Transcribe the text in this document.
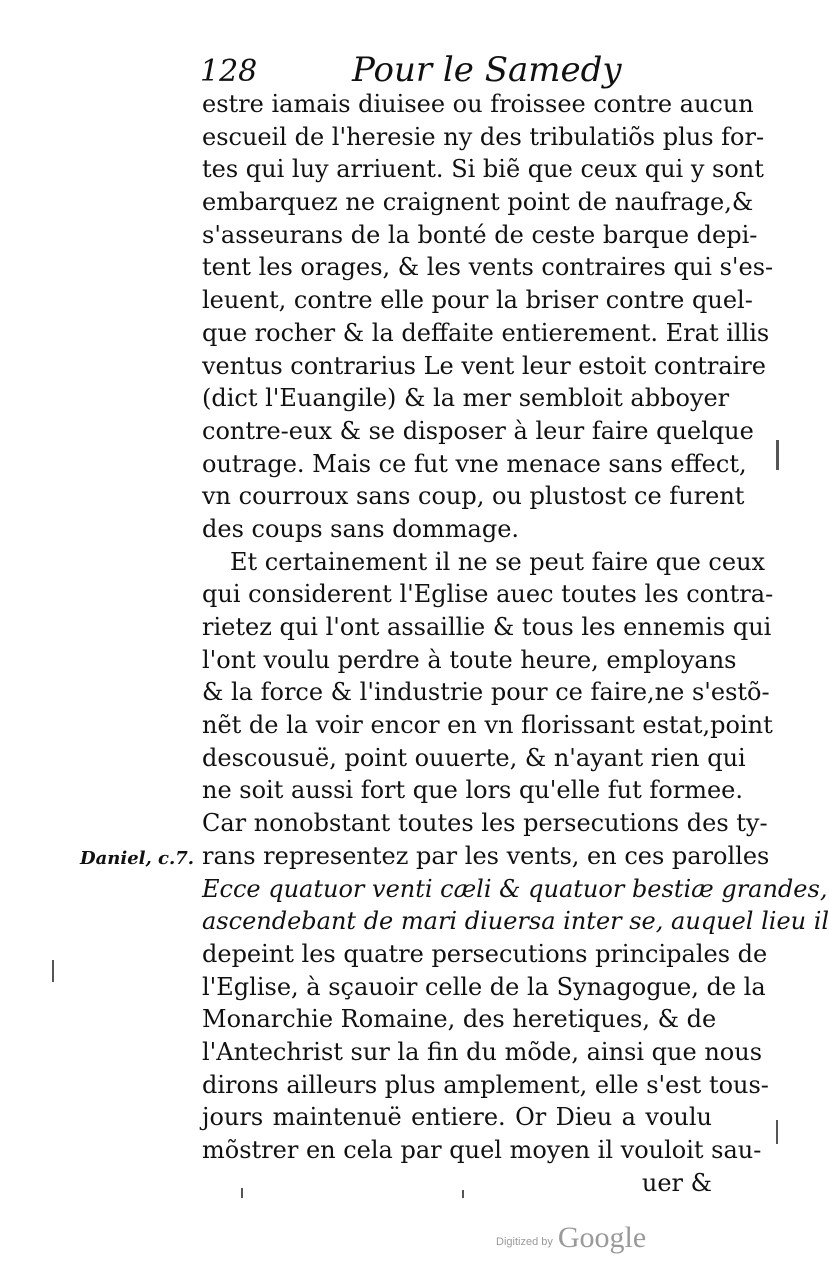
128	Pour le Samedy
Daniel, c.7.
estre iamais diuisee ou froissee contre aucun
escueil de l'heresie ny des tribulatiõs plus for-
tes qui luy arriuent. Si biẽ que ceux qui y sont
embarquez ne craignent point de naufrage,&
s'asseurans de la bonté de ceste barque depi-
tent les orages, & les vents contraires qui s'es-
leuent, contre elle pour la briser contre quel-
que rocher & la deffaite entierement. Erat illis
ventus contrarius Le vent leur estoit contraire
(dict l'Euangile) & la mer sembloit abboyer
contre-eux & se disposer à leur faire quelque
outrage. Mais ce fut vne menace sans effect,
vn courroux sans coup, ou plustost ce furent
des coups sans dommage.
Et certainement il ne se peut faire que ceux
qui considerent l'Eglise auec toutes les contra-
rietez qui l'ont assaillie & tous les ennemis qui
l'ont voulu perdre à toute heure, employans
& la force & l'industrie pour ce faire,ne s'estõ-
nẽt de la voir encor en vn florissant estat,point
descousuë, point ouuerte, & n'ayant rien qui
ne soit aussi fort que lors qu'elle fut formee.
Car nonobstant toutes les persecutions des ty-
rans representez par les vents, en ces parolles
Ecce quatuor venti cæli & quatuor bestiæ grandes,
ascendebant de mari diuersa inter se, auquel lieu il
depeint les quatre persecutions principales de
l'Eglise, à sçauoir celle de la Synagogue, de la
Monarchie Romaine, des heretiques, & de
l'Antechrist sur la fin du mõde, ainsi que nous
dirons ailleurs plus amplement, elle s'est tous-
jours maintenuë entiere. Or Dieu a voulu
mõstrer en cela par quel moyen il vouloit sau-
uer &
Digitized by Google
